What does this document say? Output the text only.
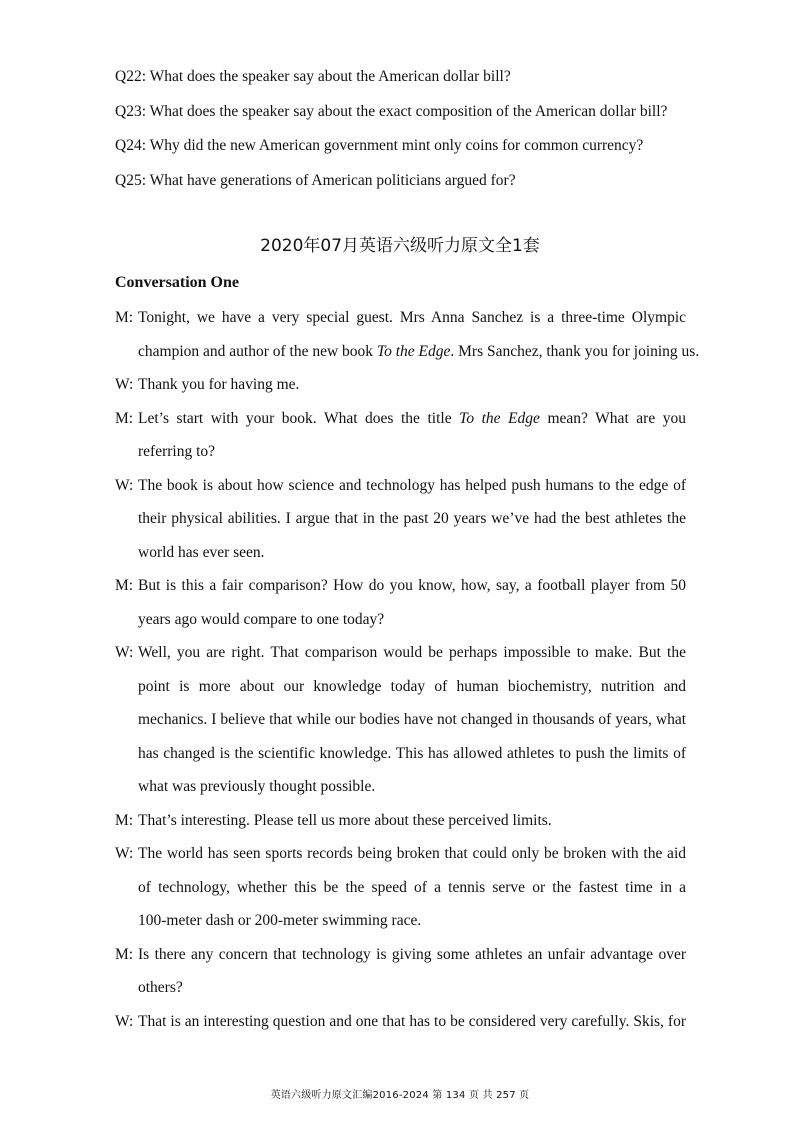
Q22: What does the speaker say about the American dollar bill?
Q23: What does the speaker say about the exact composition of the American dollar bill?
Q24: Why did the new American government mint only coins for common currency?
Q25: What have generations of American politicians argued for?
2020年07月英语六级听力原文全1套
Conversation One
M: Tonight, we have a very special guest. Mrs Anna Sanchez is a three-time Olympic
champion and author of the new book To the Edge. Mrs Sanchez, thank you for joining us.
W: Thank you for having me.
M: Let’s start with your book. What does the title To the Edge mean? What are you
referring to?
W: The book is about how science and technology has helped push humans to the edge of
their physical abilities. I argue that in the past 20 years we’ve had the best athletes the
world has ever seen.
M: But is this a fair comparison? How do you know, how, say, a football player from 50
years ago would compare to one today?
W: Well, you are right. That comparison would be perhaps impossible to make. But the
point is more about our knowledge today of human biochemistry, nutrition and
mechanics. I believe that while our bodies have not changed in thousands of years, what
has changed is the scientific knowledge. This has allowed athletes to push the limits of
what was previously thought possible.
M: That’s interesting. Please tell us more about these perceived limits.
W: The world has seen sports records being broken that could only be broken with the aid
of technology, whether this be the speed of a tennis serve or the fastest time in a
100-meter dash or 200-meter swimming race.
M: Is there any concern that technology is giving some athletes an unfair advantage over
others?
W: That is an interesting question and one that has to be considered very carefully. Skis, for
英语六级听力原文汇编2016-2024 第 134 页 共 257 页
